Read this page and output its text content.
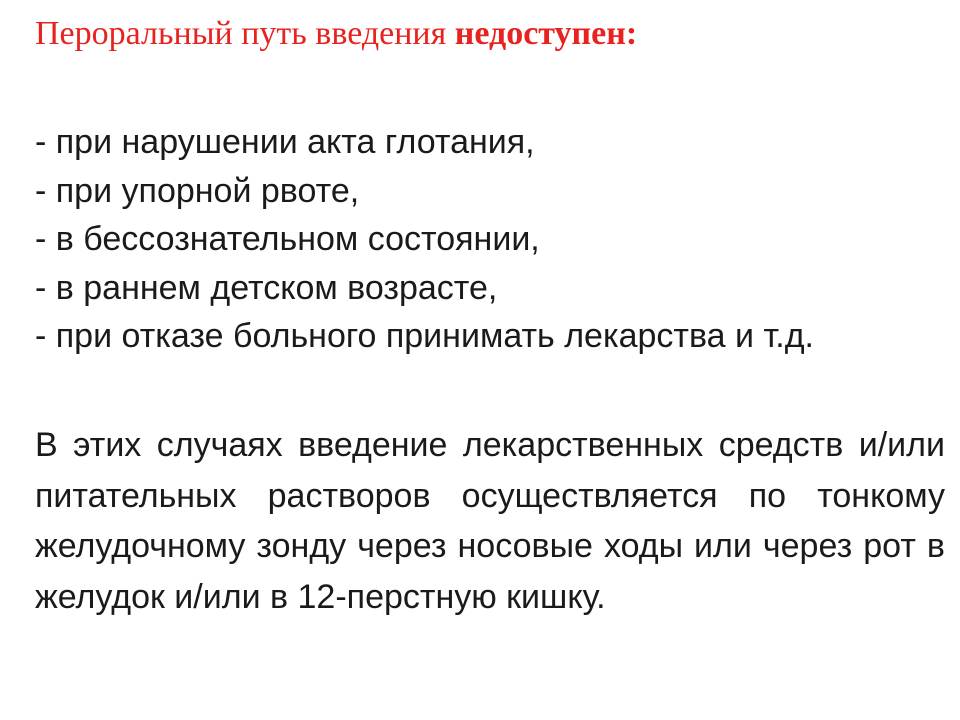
Пероральный путь введения недоступен:
- при нарушении акта глотания,
- при упорной рвоте,
- в бессознательном состоянии,
- в раннем детском возрасте,
- при отказе больного принимать лекарства и т.д.

В этих случаях введение лекарственных средств и/или питательных растворов осуществляется по тонкому желудочному зонду через носовые ходы или через рот в желудок и/или в 12-перстную кишку.
